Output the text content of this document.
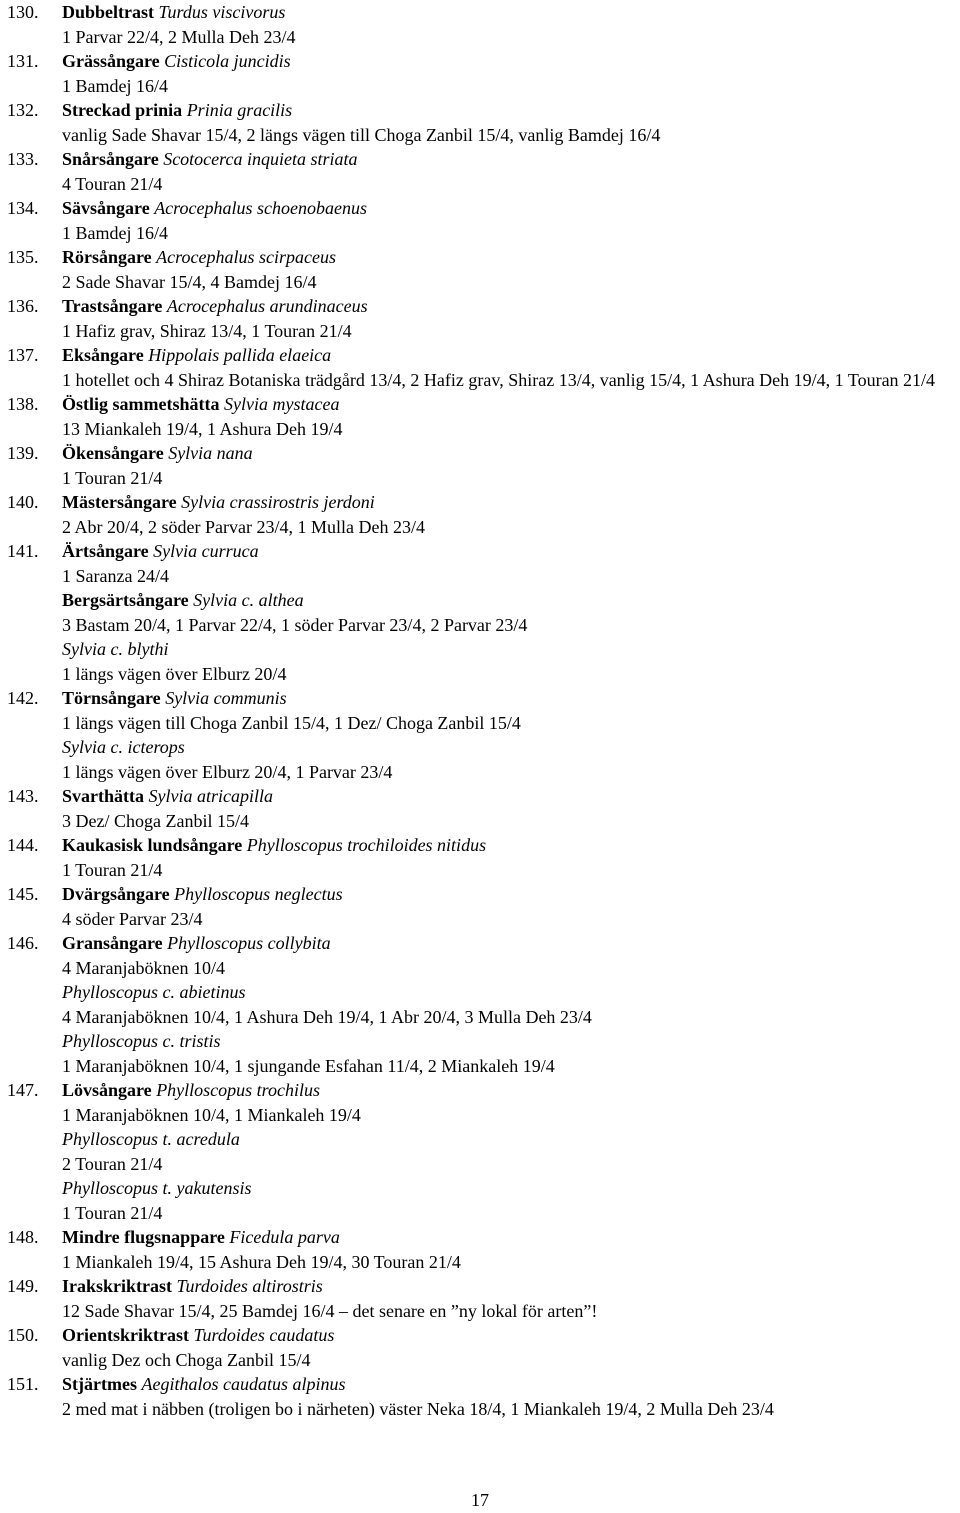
130.	Dubbeltrast Turdus viscivorus
1 Parvar 22/4, 2 Mulla Deh 23/4
131.	Grässångare Cisticola juncidis
1 Bamdej 16/4
132.	Streckad prinia Prinia gracilis
vanlig Sade Shavar 15/4, 2 längs vägen till Choga Zanbil 15/4, vanlig Bamdej 16/4
133.	Snårsångare Scotocerca inquieta striata
4 Touran 21/4
134.	Sävsångare Acrocephalus schoenobaenus
1 Bamdej 16/4
135.	Rörsångare Acrocephalus scirpaceus
2 Sade Shavar 15/4, 4 Bamdej 16/4
136.	Trastsångare Acrocephalus arundinaceus
1 Hafiz grav, Shiraz 13/4, 1 Touran 21/4
137.	Eksångare Hippolais pallida elaeica
1 hotellet och 4 Shiraz Botaniska trädgård 13/4, 2 Hafiz grav, Shiraz 13/4, vanlig 15/4, 1 Ashura Deh 19/4, 1 Touran 21/4
138.	Östlig sammetshätta Sylvia mystacea
13 Miankaleh 19/4, 1 Ashura Deh 19/4
139.	Ökensångare Sylvia nana
1 Touran 21/4
140.	Mästersångare Sylvia crassirostris jerdoni
2 Abr 20/4, 2 söder Parvar 23/4, 1 Mulla Deh 23/4
141.	Ärtsångare Sylvia curruca
1 Saranza 24/4
Bergsärtsångare Sylvia c. althea
3 Bastam 20/4, 1 Parvar 22/4, 1 söder Parvar 23/4, 2 Parvar 23/4
Sylvia c. blythi
1 längs vägen över Elburz 20/4
142.	Törnsångare Sylvia communis
1 längs vägen till Choga Zanbil 15/4, 1 Dez/ Choga Zanbil 15/4
Sylvia c. icterops
1 längs vägen över Elburz 20/4, 1 Parvar 23/4
143.	Svarthätta Sylvia atricapilla
3 Dez/ Choga Zanbil 15/4
144.	Kaukasisk lundsångare Phylloscopus trochiloides nitidus
1 Touran 21/4
145.	Dvärgsångare Phylloscopus neglectus
4 söder Parvar 23/4
146.	Gransångare Phylloscopus collybita
4 Maranjaböknen 10/4
Phylloscopus c. abietinus
4 Maranjaböknen 10/4, 1 Ashura Deh 19/4, 1 Abr 20/4, 3 Mulla Deh 23/4
Phylloscopus c. tristis
1 Maranjaböknen 10/4, 1 sjungande Esfahan 11/4, 2 Miankaleh 19/4
147.	Lövsångare Phylloscopus trochilus
1 Maranjaböknen 10/4, 1 Miankaleh 19/4
Phylloscopus t. acredula
2 Touran 21/4
Phylloscopus t. yakutensis
1 Touran 21/4
148.	Mindre flugsnappare Ficedula parva
1 Miankaleh 19/4, 15 Ashura Deh 19/4, 30 Touran 21/4
149.	Irakskriktrast Turdoides altirostris
12 Sade Shavar 15/4, 25 Bamdej 16/4 – det senare en ”ny lokal för arten”!
150.	Orientskriktrast Turdoides caudatus
vanlig Dez och Choga Zanbil 15/4
151.	Stjärtmes Aegithalos caudatus alpinus
2 med mat i näbben (troligen bo i närheten) väster Neka 18/4, 1 Miankaleh 19/4, 2 Mulla Deh 23/4
17
